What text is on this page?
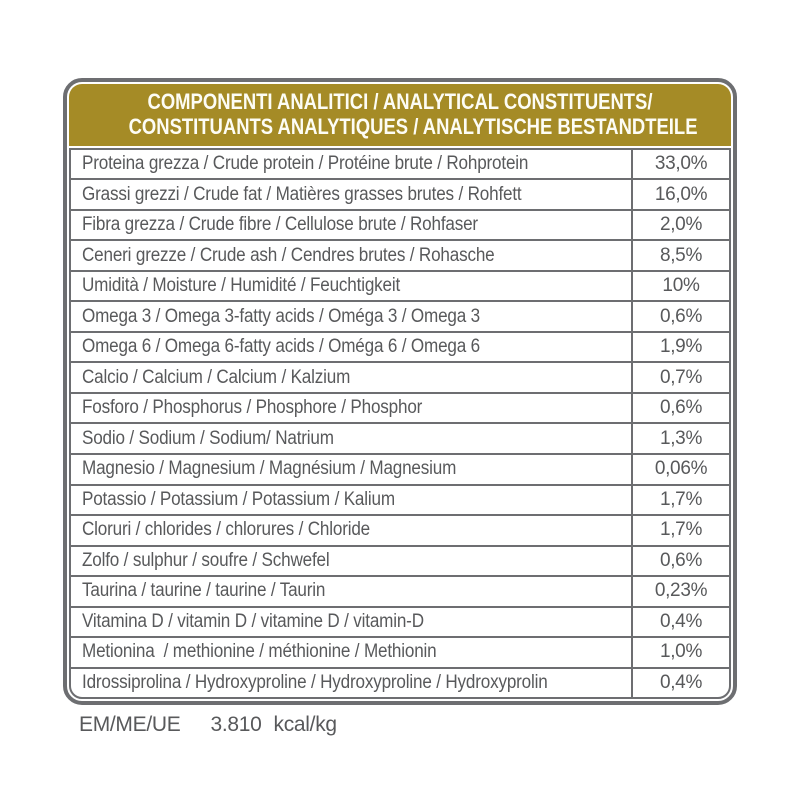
COMPONENTI ANALITICI / ANALYTICAL CONSTITUENTS/
CONSTITUANTS ANALYTIQUES / ANALYTISCHE BESTANDTEILE
Proteina grezza / Crude protein / Protéine brute / Rohprotein	33,0%
Grassi grezzi / Crude fat / Matières grasses brutes / Rohfett	16,0%
Fibra grezza / Crude fibre / Cellulose brute / Rohfaser	2,0%
Ceneri grezze / Crude ash / Cendres brutes / Rohasche	8,5%
Umidità / Moisture / Humidité / Feuchtigkeit	10%
Omega 3 / Omega 3-fatty acids / Oméga 3 / Omega 3	0,6%
Omega 6 / Omega 6-fatty acids / Oméga 6 / Omega 6	1,9%
Calcio / Calcium / Calcium / Kalzium	0,7%
Fosforo / Phosphorus / Phosphore / Phosphor	0,6%
Sodio / Sodium / Sodium/ Natrium	1,3%
Magnesio / Magnesium / Magnésium / Magnesium	0,06%
Potassio / Potassium / Potassium / Kalium	1,7%
Cloruri / chlorides / chlorures / Chloride	1,7%
Zolfo / sulphur / soufre / Schwefel	0,6%
Taurina / taurine / taurine / Taurin	0,23%
Vitamina D / vitamin D / vitamine D / vitamin-D	0,4%
Metionina  / methionine / méthionine / Methionin	1,0%
Idrossiprolina / Hydroxyproline / Hydroxyproline / Hydroxyprolin	0,4%
EM/ME/UE 3.810 kcal/kg
